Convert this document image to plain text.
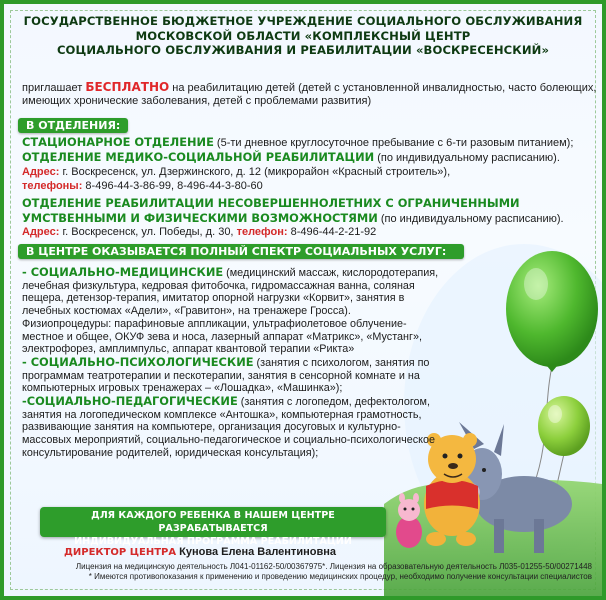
ГОСУДАРСТВЕННОЕ БЮДЖЕТНОЕ УЧРЕЖДЕНИЕ СОЦИАЛЬНОГО ОБСЛУЖИВАНИЯ
МОСКОВСКОЙ ОБЛАСТИ «КОМПЛЕКСНЫЙ ЦЕНТР
СОЦИАЛЬНОГО ОБСЛУЖИВАНИЯ И РЕАБИЛИТАЦИИ «ВОСКРЕСЕНСКИЙ»
приглашает БЕСПЛАТНО на реабилитацию детей (детей с установленной инвалидностью, часто болеющих, имеющих хронические заболевания, детей с проблемами развития)
В ОТДЕЛЕНИЯ:
СТАЦИОНАРНОЕ ОТДЕЛЕНИЕ (5-ти дневное круглосуточное пребывание с 6-ти разовым питанием);
ОТДЕЛЕНИЕ МЕДИКО-СОЦИАЛЬНОЙ РЕАБИЛИТАЦИИ (по индивидуальному расписанию).
Адрес: г. Воскресенск, ул. Дзержинского, д. 12 (микрорайон «Красный строитель»),
телефоны: 8-496-44-3-86-99, 8-496-44-3-80-60
ОТДЕЛЕНИЕ РЕАБИЛИТАЦИИ НЕСОВЕРШЕННОЛЕТНИХ С ОГРАНИЧЕННЫМИ УМСТВЕННЫМИ И ФИЗИЧЕСКИМИ ВОЗМОЖНОСТЯМИ (по индивидуальному расписанию).
Адрес: г. Воскресенск, ул. Победы, д. 30, телефон: 8-496-44-2-21-92
В ЦЕНТРЕ ОКАЗЫВАЕТСЯ ПОЛНЫЙ СПЕКТР СОЦИАЛЬНЫХ УСЛУГ:
- СОЦИАЛЬНО-МЕДИЦИНСКИЕ (медицинский массаж, кислородотерапия, лечебная физкультура, кедровая фитобочка, гидромассажная ванна, соляная пещера, детензор-терапия, имитатор опорной нагрузки «Корвит», занятия в лечебных костюмах «Адели», «Гравитон», на тренажере Гросса). Физиопроцедуры: парафиновые аппликации, ультрафиолетовое облучение-местное и общее, ОКУФ зева и носа, лазерный аппарат «Матрикс», «Мустанг», электрофорез, амплимпульс, аппарат квантовой терапии «Рикта»
- СОЦИАЛЬНО-ПСИХОЛОГИЧЕСКИЕ (занятия с психологом, занятия по программам театротерапии и пескотерапии, занятия в сенсорной комнате и на компьютерных игровых тренажерах – «Лошадка», «Машинка»);
-СОЦИАЛЬНО-ПЕДАГОГИЧЕСКИЕ (занятия с логопедом, дефектологом, занятия на логопедическом комплексе «Антошка», компьютерная грамотность, развивающие занятия на компьютере, организация досуговых и культурно-массовых мероприятий, социально-педагогическое и социально-психологическое консультирование родителей, юридическая консультация);
ДЛЯ КАЖДОГО РЕБЕНКА В НАШЕМ ЦЕНТРЕ РАЗРАБАТЫВАЕТСЯ
ИНДИВИДУАЛЬНАЯ ПРОГРАММА РЕАБИЛИТАЦИИ
ДИРЕКТОР ЦЕНТРА Кунова Елена Валентиновна
Лицензия на медицинскую деятельность Л041-01162-50/00367975*. Лицензия на образовательную деятельность Л035-01255-50/00271448
* Имеются противопоказания к применению и проведению медицинских процедур, необходимо получение консультации специалистов
